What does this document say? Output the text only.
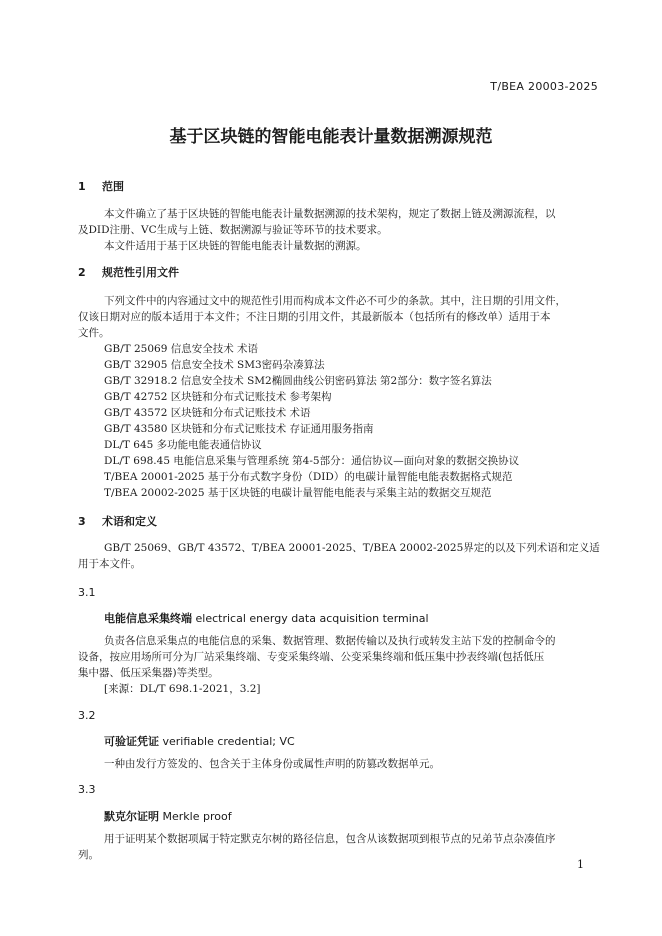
T/BEA 20003-2025
基于区块链的智能电能表计量数据溯源规范
1 范围
本文件确立了基于区块链的智能电能表计量数据溯源的技术架构，规定了数据上链及溯源流程，以
及DID注册、VC生成与上链、数据溯源与验证等环节的技术要求。
本文件适用于基于区块链的智能电能表计量数据的溯源。
2 规范性引用文件
下列文件中的内容通过文中的规范性引用而构成本文件必不可少的条款。其中，注日期的引用文件，
仅该日期对应的版本适用于本文件；不注日期的引用文件，其最新版本（包括所有的修改单）适用于本
文件。
GB/T 25069 信息安全技术 术语
GB/T 32905 信息安全技术 SM3密码杂凑算法
GB/T 32918.2 信息安全技术 SM2椭圆曲线公钥密码算法 第2部分：数字签名算法
GB/T 42752 区块链和分布式记账技术 参考架构
GB/T 43572 区块链和分布式记账技术 术语
GB/T 43580 区块链和分布式记账技术 存证通用服务指南
DL/T 645 多功能电能表通信协议
DL/T 698.45 电能信息采集与管理系统 第4-5部分：通信协议—面向对象的数据交换协议
T/BEA 20001-2025 基于分布式数字身份（DID）的电碳计量智能电能表数据格式规范
T/BEA 20002-2025 基于区块链的电碳计量智能电能表与采集主站的数据交互规范
3 术语和定义
GB/T 25069、GB/T 43572、T/BEA 20001-2025、T/BEA 20002-2025界定的以及下列术语和定义适
用于本文件。
3.1
电能信息采集终端 electrical energy data acquisition terminal
负责各信息采集点的电能信息的采集、数据管理、数据传输以及执行或转发主站下发的控制命令的
设备，按应用场所可分为厂站采集终端、专变采集终端、公变采集终端和低压集中抄表终端(包括低压
集中器、低压采集器)等类型。
[来源：DL/T 698.1-2021，3.2]
3.2
可验证凭证 verifiable credential; VC
一种由发行方签发的、包含关于主体身份或属性声明的防篡改数据单元。
3.3
默克尔证明 Merkle proof
用于证明某个数据项属于特定默克尔树的路径信息，包含从该数据项到根节点的兄弟节点杂凑值序
列。
1
